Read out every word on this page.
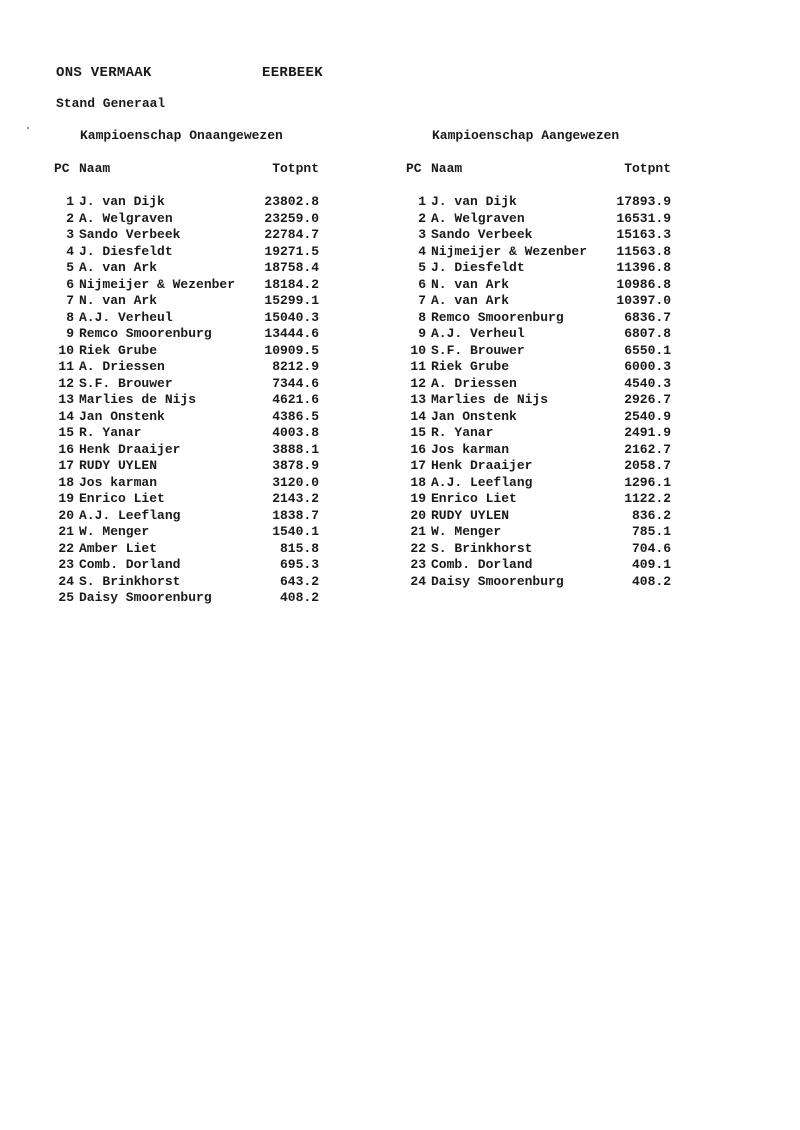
ONS VERMAAK	EERBEEK
Stand Generaal
Kampioenschap Onaangewezen
PC Naam	Totpnt
1 J. van Dijk	23802.8
2 A. Welgraven	23259.0
3 Sando Verbeek	22784.7
4 J. Diesfeldt	19271.5
5 A. van Ark	18758.4
6 Nijmeijer & Wezenber	18184.2
7 N. van Ark	15299.1
8 A.J. Verheul	15040.3
9 Remco Smoorenburg	13444.6
10 Riek Grube	10909.5
11 A. Driessen	8212.9
12 S.F. Brouwer	7344.6
13 Marlies de Nijs	4621.6
14 Jan Onstenk	4386.5
15 R. Yanar	4003.8
16 Henk Draaijer	3888.1
17 RUDY UYLEN	3878.9
18 Jos karman	3120.0
19 Enrico Liet	2143.2
20 A.J. Leeflang	1838.7
21 W. Menger	1540.1
22 Amber Liet	815.8
23 Comb. Dorland	695.3
24 S. Brinkhorst	643.2
25 Daisy Smoorenburg	408.2
Kampioenschap Aangewezen
PC Naam	Totpnt
1 J. van Dijk	17893.9
2 A. Welgraven	16531.9
3 Sando Verbeek	15163.3
4 Nijmeijer & Wezenber	11563.8
5 J. Diesfeldt	11396.8
6 N. van Ark	10986.8
7 A. van Ark	10397.0
8 Remco Smoorenburg	6836.7
9 A.J. Verheul	6807.8
10 S.F. Brouwer	6550.1
11 Riek Grube	6000.3
12 A. Driessen	4540.3
13 Marlies de Nijs	2926.7
14 Jan Onstenk	2540.9
15 R. Yanar	2491.9
16 Jos karman	2162.7
17 Henk Draaijer	2058.7
18 A.J. Leeflang	1296.1
19 Enrico Liet	1122.2
20 RUDY UYLEN	836.2
21 W. Menger	785.1
22 S. Brinkhorst	704.6
23 Comb. Dorland	409.1
24 Daisy Smoorenburg	408.2
